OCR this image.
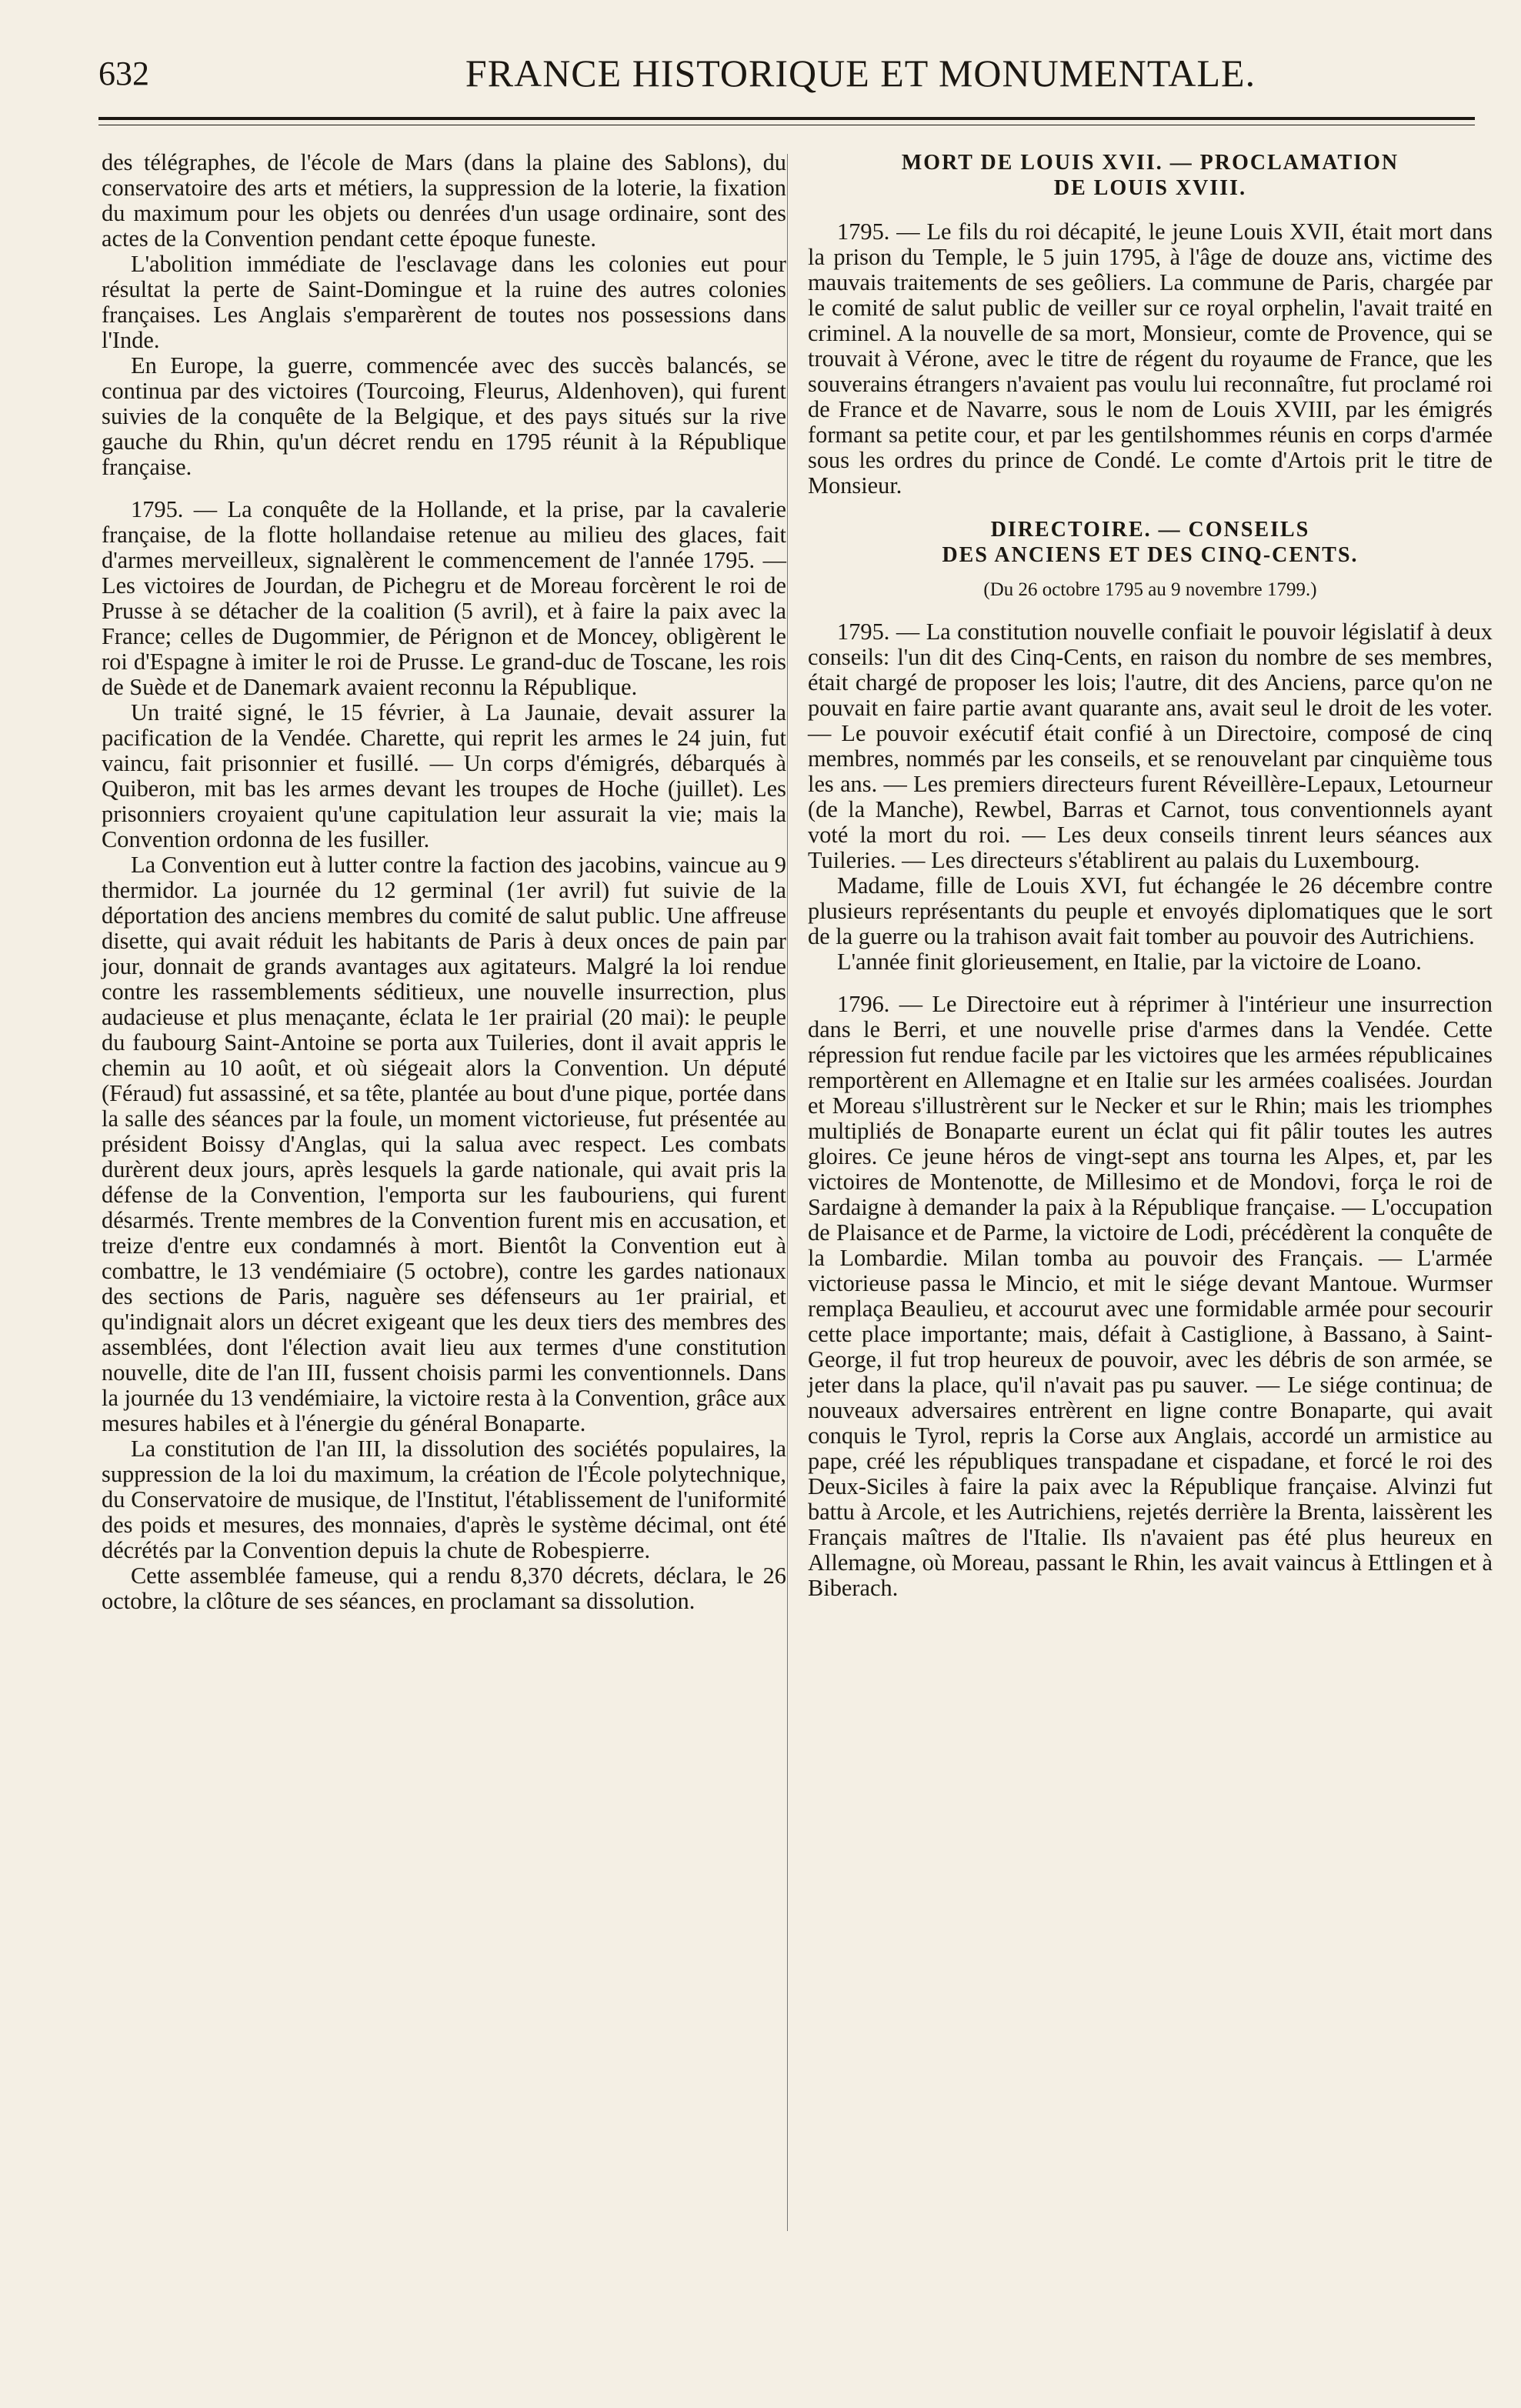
632	FRANCE HISTORIQUE ET MONUMENTALE.

des télégraphes, de l'école de Mars (dans la plaine des Sablons), du conservatoire des arts et métiers, la suppression de la loterie, la fixation du maximum pour les objets ou denrées d'un usage ordinaire, sont des actes de la Convention pendant cette époque funeste.

L'abolition immédiate de l'esclavage dans les colonies eut pour résultat la perte de Saint-Domingue et la ruine des autres colonies françaises. Les Anglais s'emparèrent de toutes nos possessions dans l'Inde.

En Europe, la guerre, commencée avec des succès balancés, se continua par des victoires (Tourcoing, Fleurus, Aldenhoven), qui furent suivies de la conquête de la Belgique, et des pays situés sur la rive gauche du Rhin, qu'un décret rendu en 1795 réunit à la République française.

1795. — La conquête de la Hollande, et la prise, par la cavalerie française, de la flotte hollandaise retenue au milieu des glaces, fait d'armes merveilleux, signalèrent le commencement de l'année 1795. — Les victoires de Jourdan, de Pichegru et de Moreau forcèrent le roi de Prusse à se détacher de la coalition (5 avril), et à faire la paix avec la France; celles de Dugommier, de Pérignon et de Moncey, obligèrent le roi d'Espagne à imiter le roi de Prusse. Le grand-duc de Toscane, les rois de Suède et de Danemark avaient reconnu la République.

Un traité signé, le 15 février, à La Jaunaie, devait assurer la pacification de la Vendée. Charette, qui reprit les armes le 24 juin, fut vaincu, fait prisonnier et fusillé. — Un corps d'émigrés, débarqués à Quiberon, mit bas les armes devant les troupes de Hoche (juillet). Les prisonniers croyaient qu'une capitulation leur assurait la vie; mais la Convention ordonna de les fusiller.

La Convention eut à lutter contre la faction des jacobins, vaincue au 9 thermidor. La journée du 12 germinal (1er avril) fut suivie de la déportation des anciens membres du comité de salut public. Une affreuse disette, qui avait réduit les habitants de Paris à deux onces de pain par jour, donnait de grands avantages aux agitateurs. Malgré la loi rendue contre les rassemblements séditieux, une nouvelle insurrection, plus audacieuse et plus menaçante, éclata le 1er prairial (20 mai): le peuple du faubourg Saint-Antoine se porta aux Tuileries, dont il avait appris le chemin au 10 août, et où siégeait alors la Convention. Un député (Féraud) fut assassiné, et sa tête, plantée au bout d'une pique, portée dans la salle des séances par la foule, un moment victorieuse, fut présentée au président Boissy d'Anglas, qui la salua avec respect. Les combats durèrent deux jours, après lesquels la garde nationale, qui avait pris la défense de la Convention, l'emporta sur les faubouriens, qui furent désarmés. Trente membres de la Convention furent mis en accusation, et treize d'entre eux condamnés à mort. Bientôt la Convention eut à combattre, le 13 vendémiaire (5 octobre), contre les gardes nationaux des sections de Paris, naguère ses défenseurs au 1er prairial, et qu'indignait alors un décret exigeant que les deux tiers des membres des assemblées, dont l'élection avait lieu aux termes d'une constitution nouvelle, dite de l'an III, fussent choisis parmi les conventionnels. Dans la journée du 13 vendémiaire, la victoire resta à la Convention, grâce aux mesures habiles et à l'énergie du général Bonaparte.

La constitution de l'an III, la dissolution des sociétés populaires, la suppression de la loi du maximum, la création de l'École polytechnique, du Conservatoire de musique, de l'Institut, l'établissement de l'uniformité des poids et mesures, des monnaies, d'après le système décimal, ont été décrétés par la Convention depuis la chute de Robespierre.

Cette assemblée fameuse, qui a rendu 8,370 décrets, déclara, le 26 octobre, la clôture de ses séances, en proclamant sa dissolution.

MORT DE LOUIS XVII. — PROCLAMATION
DE LOUIS XVIII.

1795. — Le fils du roi décapité, le jeune Louis XVII, était mort dans la prison du Temple, le 5 juin 1795, à l'âge de douze ans, victime des mauvais traitements de ses geôliers. La commune de Paris, chargée par le comité de salut public de veiller sur ce royal orphelin, l'avait traité en criminel. A la nouvelle de sa mort, Monsieur, comte de Provence, qui se trouvait à Vérone, avec le titre de régent du royaume de France, que les souverains étrangers n'avaient pas voulu lui reconnaître, fut proclamé roi de France et de Navarre, sous le nom de Louis XVIII, par les émigrés formant sa petite cour, et par les gentilshommes réunis en corps d'armée sous les ordres du prince de Condé. Le comte d'Artois prit le titre de Monsieur.

DIRECTOIRE. — CONSEILS
DES ANCIENS ET DES CINQ-CENTS.
(Du 26 octobre 1795 au 9 novembre 1799.)

1795. — La constitution nouvelle confiait le pouvoir législatif à deux conseils: l'un dit des Cinq-Cents, en raison du nombre de ses membres, était chargé de proposer les lois; l'autre, dit des Anciens, parce qu'on ne pouvait en faire partie avant quarante ans, avait seul le droit de les voter. — Le pouvoir exécutif était confié à un Directoire, composé de cinq membres, nommés par les conseils, et se renouvelant par cinquième tous les ans. — Les premiers directeurs furent Réveillère-Lepaux, Letourneur (de la Manche), Rewbel, Barras et Carnot, tous conventionnels ayant voté la mort du roi. — Les deux conseils tinrent leurs séances aux Tuileries. — Les directeurs s'établirent au palais du Luxembourg.

Madame, fille de Louis XVI, fut échangée le 26 décembre contre plusieurs représentants du peuple et envoyés diplomatiques que le sort de la guerre ou la trahison avait fait tomber au pouvoir des Autrichiens.

L'année finit glorieusement, en Italie, par la victoire de Loano.

1796. — Le Directoire eut à réprimer à l'intérieur une insurrection dans le Berri, et une nouvelle prise d'armes dans la Vendée. Cette répression fut rendue facile par les victoires que les armées républicaines remportèrent en Allemagne et en Italie sur les armées coalisées. Jourdan et Moreau s'illustrèrent sur le Necker et sur le Rhin; mais les triomphes multipliés de Bonaparte eurent un éclat qui fit pâlir toutes les autres gloires. Ce jeune héros de vingt-sept ans tourna les Alpes, et, par les victoires de Montenotte, de Millesimo et de Mondovi, força le roi de Sardaigne à demander la paix à la République française. — L'occupation de Plaisance et de Parme, la victoire de Lodi, précédèrent la conquête de la Lombardie. Milan tomba au pouvoir des Français. — L'armée victorieuse passa le Mincio, et mit le siége devant Mantoue. Wurmser remplaça Beaulieu, et accourut avec une formidable armée pour secourir cette place importante; mais, défait à Castiglione, à Bassano, à Saint-George, il fut trop heureux de pouvoir, avec les débris de son armée, se jeter dans la place, qu'il n'avait pas pu sauver. — Le siége continua; de nouveaux adversaires entrèrent en ligne contre Bonaparte, qui avait conquis le Tyrol, repris la Corse aux Anglais, accordé un armistice au pape, créé les républiques transpadane et cispadane, et forcé le roi des Deux-Siciles à faire la paix avec la République française. Alvinzi fut battu à Arcole, et les Autrichiens, rejetés derrière la Brenta, laissèrent les Français maîtres de l'Italie. Ils n'avaient pas été plus heureux en Allemagne, où Moreau, passant le Rhin, les avait vaincus à Ettlingen et à Biberach.
